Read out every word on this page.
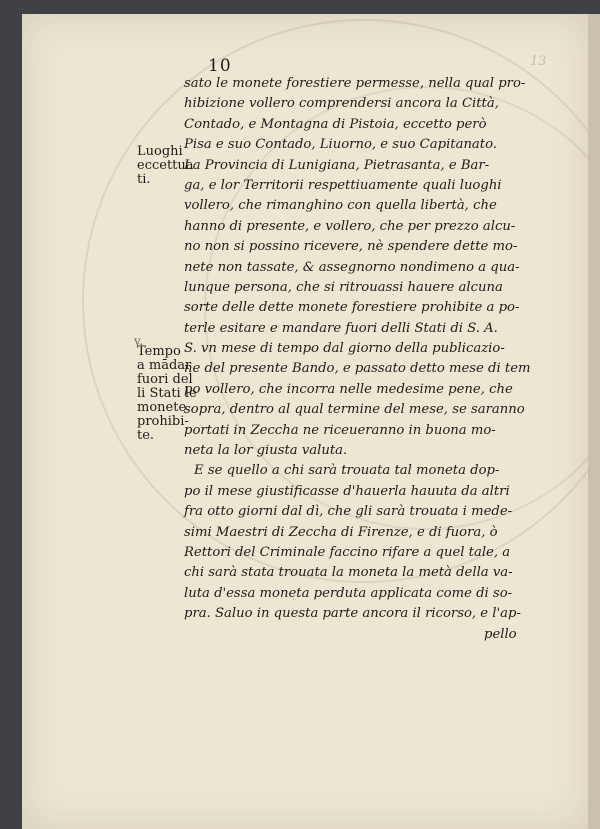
10
Luoghi
eccettua
ti.
v.
Tempo
a mādar
fuori del
li Stati le
monete
prohibi-
te.
sato le monete forestiere permesse, nella qual pro-
hibizione vollero comprendersi ancora la Città,
Contado, e Montagna di Pistoia, eccetto però
Pisa e suo Contado, Liuorno, e suo Capitanato.
La Provincia di Lunigiana, Pietrasanta, e Bar-
ga, e lor Territorii respettiuamente quali luoghi
vollero, che rimanghino con quella libertà, che
hanno di presente, e vollero, che per prezzo alcu-
no non si possino ricevere, nè spendere dette mo-
nete non tassate, & assegnorno nondimeno a qua-
lunque persona, che si ritrouassi hauere alcuna
sorte delle dette monete forestiere prohibite a po-
terle esitare e mandare fuori delli Stati di S. A.
S. vn mese di tempo dal giorno della publicazio-
ne del presente Bando, e passato detto mese di tem
po vollero, che incorra nelle medesime pene, che
sopra, dentro al qual termine del mese, se saranno
portati in Zeccha ne riceueranno in buona mo-
neta la lor giusta valuta.
E se quello a chi sarà trouata tal moneta dop-
po il mese giustificasse d'hauerla hauuta da altri
fra otto giorni dal dì, che gli sarà trouata i mede-
simi Maestri di Zeccha di Firenze, e di fuora, ò
Rettori del Criminale faccino rifare a quel tale, a
chi sarà stata trouata la moneta la metà della va-
luta d'essa moneta perduta applicata come di so-
pra. Saluo in questa parte ancora il ricorso, e l'ap-
pello
13
